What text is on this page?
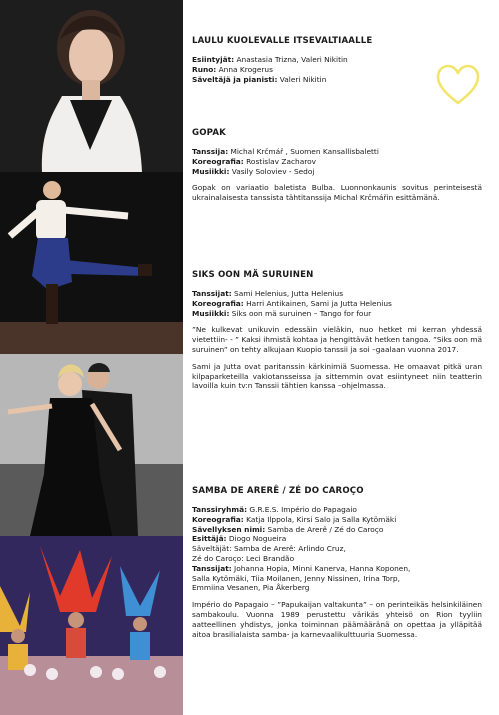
LAULU KUOLEVALLE ITSEVALTIAALLE
Esiintyjät: Anastasia Trizna, Valeri Nikitin
Runo: Anna Krogerus
Säveltäjä ja pianisti: Valeri Nikitin
GOPAK
Tanssija: Michal Krčmář , Suomen Kansallisbaletti
Koreografia: Rostislav Zacharov
Musiikki: Vasily Soloviev - Sedoj
Gopak on variaatio baletista Bulba. Luonnonkaunis sovitus perinteisestä ukrainalaisesta tanssista tähtitanssija Michal Krčmářin esittämänä.
SIKS OON MÄ SURUINEN
Tanssijat: Sami Helenius, Jutta Helenius
Koreografia: Harri Antikainen, Sami ja Jutta Helenius
Musiikki: Siks oon mä suruinen – Tango for four
”Ne kulkevat unikuvin edessäin vieläkin, nuo hetket mi kerran yhdessä vietettiin- - ” Kaksi ihmistä kohtaa ja hengittävät hetken tangoa. ”Siks oon mä suruinen” on tehty alkujaan Kuopio tanssii ja soi –gaalaan vuonna 2017.
Sami ja Jutta ovat paritanssin kärkinimiä Suomessa. He omaavat pitkä uran kilpaparketeilla vakiotansseissa ja sittemmin ovat esiintyneet niin teatterin lavoilla kuin tv:n Tanssii tähtien kanssa –ohjelmassa.
SAMBA DE ARERÊ / ZÉ DO CAROÇO
Tanssiryhmä: G.R.E.S. Império do Papagaio
Koreografia: Katja Ilppola, Kirsi Salo ja Salla Kytömäki
Sävellyksen nimi: Samba de Arerê / Zé do Caroço
Esittäjä: Diogo Nogueira
Säveltäjät: Samba de Arerê: Arlindo Cruz,
Zé do Caroço: Leci Brandão
Tanssijat: Johanna Hopia, Minni Kanerva, Hanna Koponen,
Salla Kytömäki, Tiia Moilanen, Jenny Nissinen, Irina Torp,
Emmiina Vesanen, Pia Åkerberg
Império do Papagaio – ”Papukaijan valtakunta” – on perinteikäs helsinkiläinen sambakoulu. Vuonna 1989 perustettu värikäs yhteisö on Rion tyyliin aatteellinen yhdistys, jonka toiminnan päämääränä on opettaa ja ylläpitää aitoa brasilialaista samba- ja karnevaalikulttuuria Suomessa.
